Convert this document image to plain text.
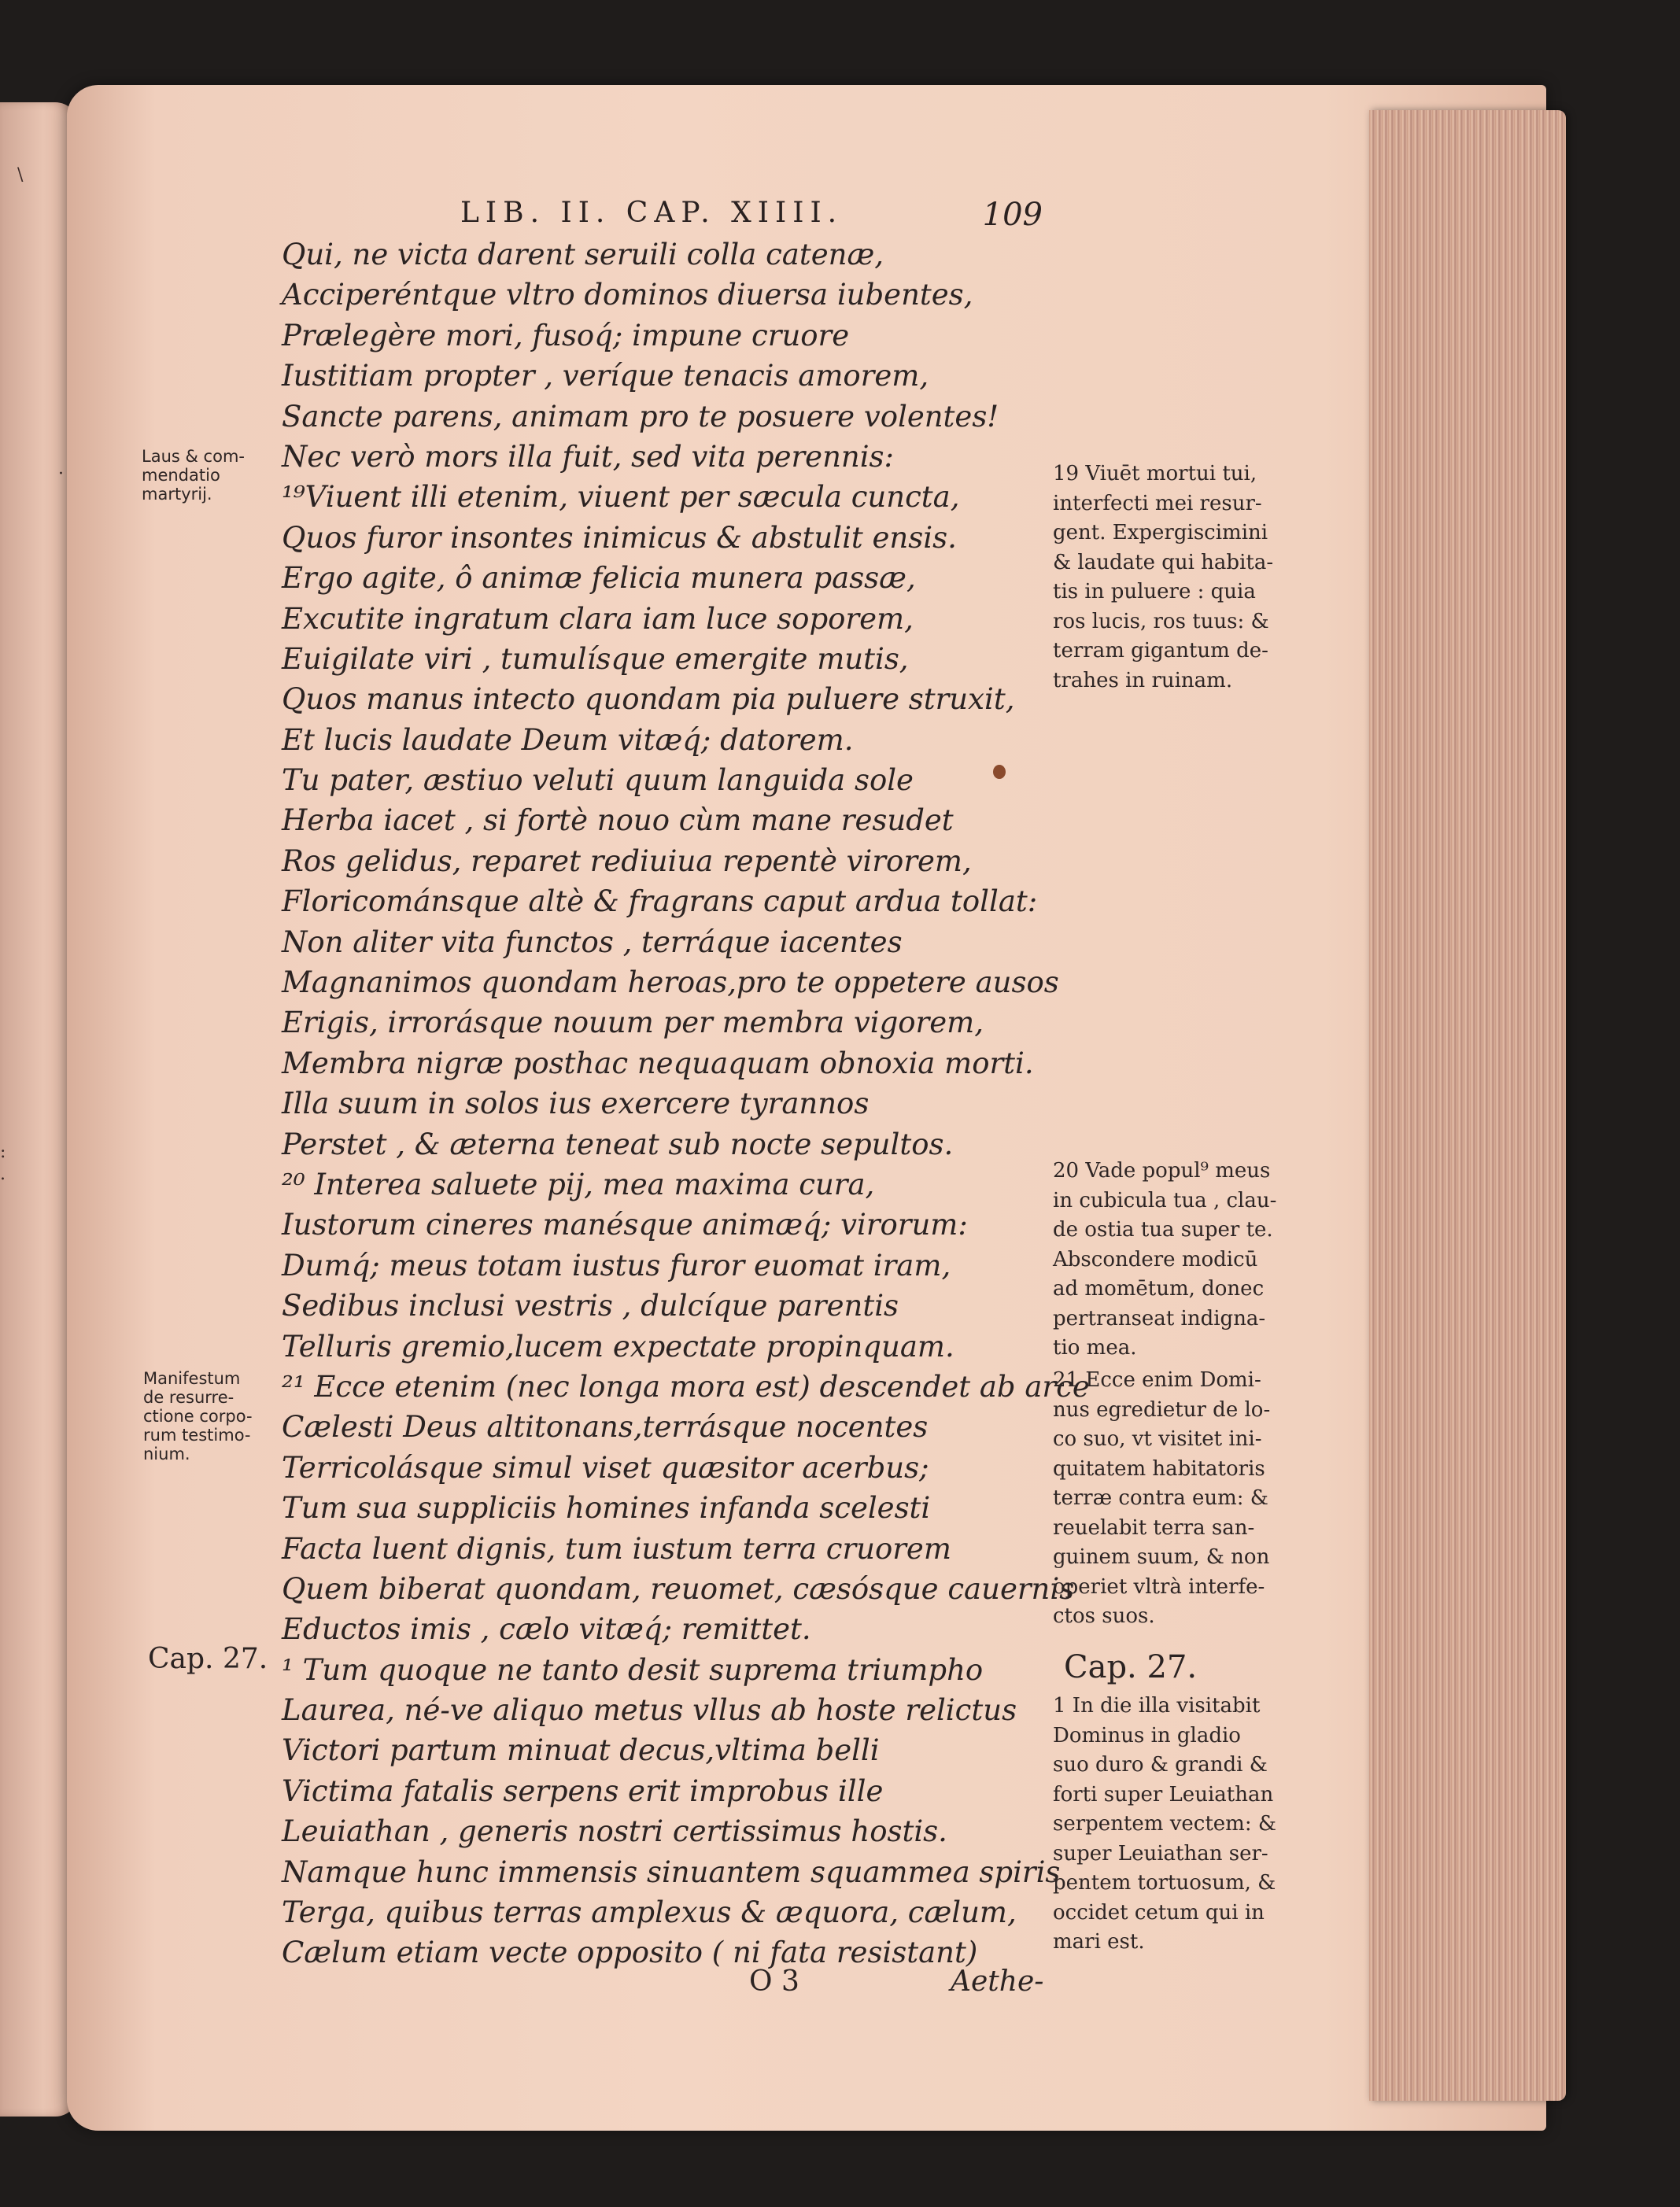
\
·
:
.
LIB. II. CAP. XIIII.	109
Qui, ne victa darent seruili colla catenæ,
Acciperéntque vltro dominos diuersa iubentes,
Prælegère mori, fusoq́; impune cruore
Iustitiam propter , veríque tenacis amorem,
Sancte parens, animam pro te posuere volentes!
Nec verò mors illa fuit, sed vita perennis:
¹⁹Viuent illi etenim, viuent per sæcula cuncta,
Quos furor insontes inimicus & abstulit ensis.
Ergo agite, ô animæ felicia munera passæ,
Excutite ingratum clara iam luce soporem,
Euigilate viri , tumulísque emergite mutis,
Quos manus intecto quondam pia puluere struxit,
Et lucis laudate Deum vitæq́; datorem.
Tu pater, æstiuo veluti quum languida sole
Herba iacet , si fortè nouo cùm mane resudet
Ros gelidus, reparet rediuiua repentè virorem,
Floricománsque altè & fragrans caput ardua tollat:
Non aliter vita functos , terráque iacentes
Magnanimos quondam heroas,pro te oppetere ausos
Erigis, irrorásque nouum per membra vigorem,
Membra nigræ posthac nequaquam obnoxia morti.
Illa suum in solos ius exercere tyrannos
Perstet , & æterna teneat sub nocte sepultos.
²⁰ Interea saluete pij, mea maxima cura,
Iustorum cineres manésque animæq́; virorum:
Dumq́; meus totam iustus furor euomat iram,
Sedibus inclusi vestris , dulcíque parentis
Telluris gremio,lucem expectate propinquam.
²¹ Ecce etenim (nec longa mora est) descendet ab arce
Cælesti Deus altitonans,terrásque nocentes
Terricolásque simul viset quæsitor acerbus;
Tum sua suppliciis homines infanda scelesti
Facta luent dignis, tum iustum terra cruorem
Quem biberat quondam, reuomet, cæsósque cauernis
Eductos imis , cælo vitæq́; remittet.
¹ Tum quoque ne tanto desit suprema triumpho
Laurea, né-ve aliquo metus vllus ab hoste relictus
Victori partum minuat decus,vltima belli
Victima fatalis serpens erit improbus ille
Leuiathan , generis nostri certissimus hostis.
Namque hunc immensis sinuantem squammea spiris
Terga, quibus terras amplexus & æquora, cælum,
Cælum etiam vecte opposito ( ni fata resistant)
Laus & com-
mendatio
martyrij.
Manifestum
de resurre-
ctione corpo-
rum testimo-
nium.

19 Viuēt mortui tui,

interfecti mei resur-

gent. Expergiscimini

& laudate qui habita-

tis in puluere : quia

ros lucis, ros tuus: &

terram gigantum de-

trahes in ruinam.

20 Vade popul⁹ meus

in cubicula tua , clau-

de ostia tua super te.

Abscondere modicū

ad momētum, donec

pertranseat indigna-

tio mea.

21 Ecce enim Domi-

nus egredietur de lo-

co suo, vt visitet ini-

quitatem habitatoris

terræ contra eum: &

reuelabit terra san-

guinem suum, & non

operiet vltrà interfe-

ctos suos.

Cap. 27.	Cap. 27.

1 In die illa visitabit

Dominus in gladio

suo duro & grandi &

forti super Leuiathan

serpentem vectem: &

super Leuiathan ser-

pentem tortuosum, &

occidet cetum qui in

mari est.

O 3	Aethe-
